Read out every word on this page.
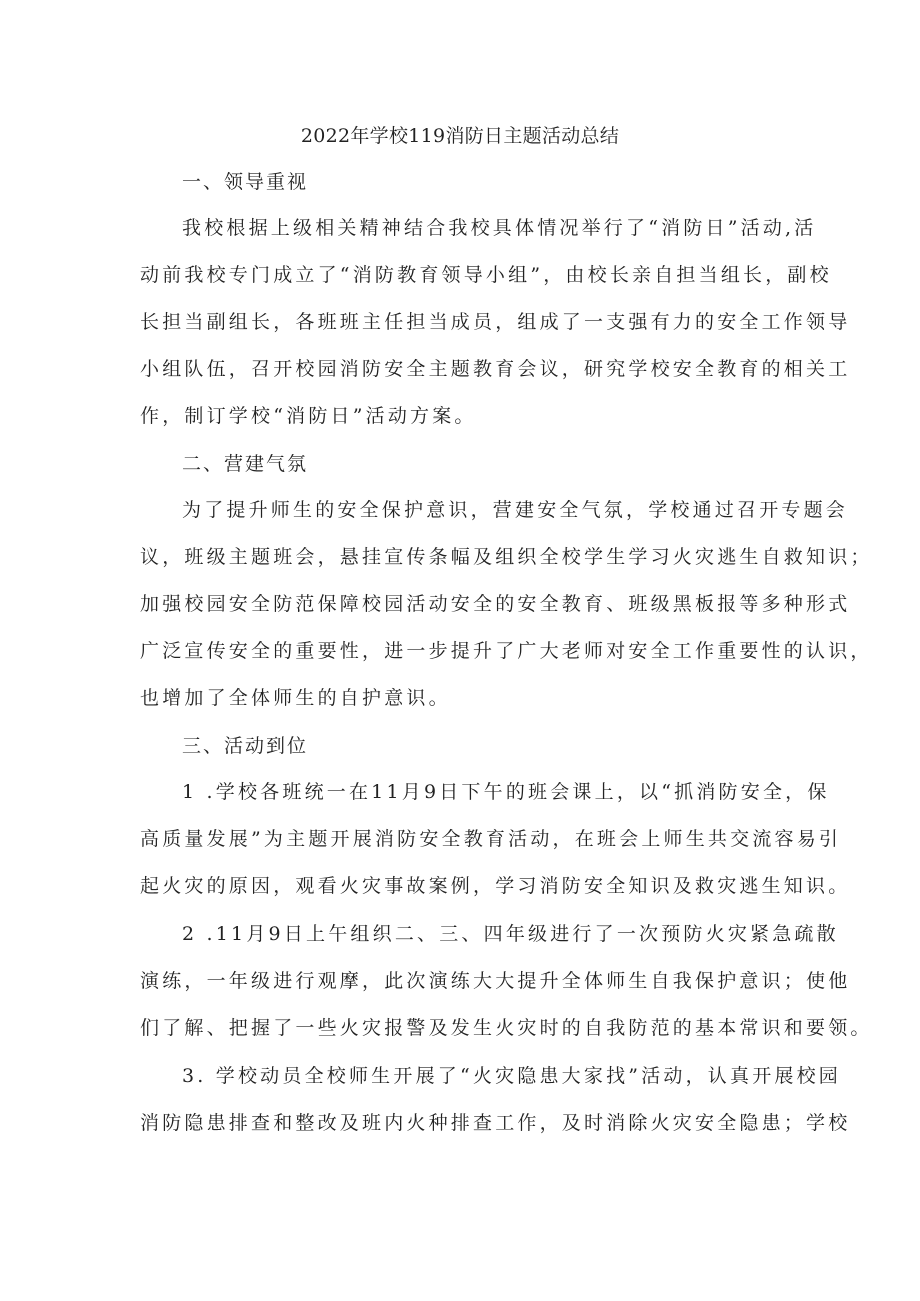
2022年学校119消防日主题活动总结
一、领导重视
我校根据上级相关精神结合我校具体情况举行了“消防日”活动,活
动前我校专门成立了“消防教育领导小组”，由校长亲自担当组长，副校
长担当副组长，各班班主任担当成员，组成了一支强有力的安全工作领导
小组队伍，召开校园消防安全主题教育会议，研究学校安全教育的相关工
作，制订学校“消防日”活动方案。
二、营建气氛
为了提升师生的安全保护意识，营建安全气氛，学校通过召开专题会
议，班级主题班会，悬挂宣传条幅及组织全校学生学习火灾逃生自救知识；
加强校园安全防范保障校园活动安全的安全教育、班级黑板报等多种形式
广泛宣传安全的重要性，进一步提升了广大老师对安全工作重要性的认识，
也增加了全体师生的自护意识。
三、活动到位
1 .学校各班统一在11月9日下午的班会课上，以“抓消防安全，保
高质量发展”为主题开展消防安全教育活动，在班会上师生共交流容易引
起火灾的原因，观看火灾事故案例，学习消防安全知识及救灾逃生知识。
2 .11月9日上午组织二、三、四年级进行了一次预防火灾紧急疏散
演练，一年级进行观摩，此次演练大大提升全体师生自我保护意识；使他
们了解、把握了一些火灾报警及发生火灾时的自我防范的基本常识和要领。
3. 学校动员全校师生开展了“火灾隐患大家找”活动，认真开展校园
消防隐患排查和整改及班内火种排查工作，及时消除火灾安全隐患；学校
